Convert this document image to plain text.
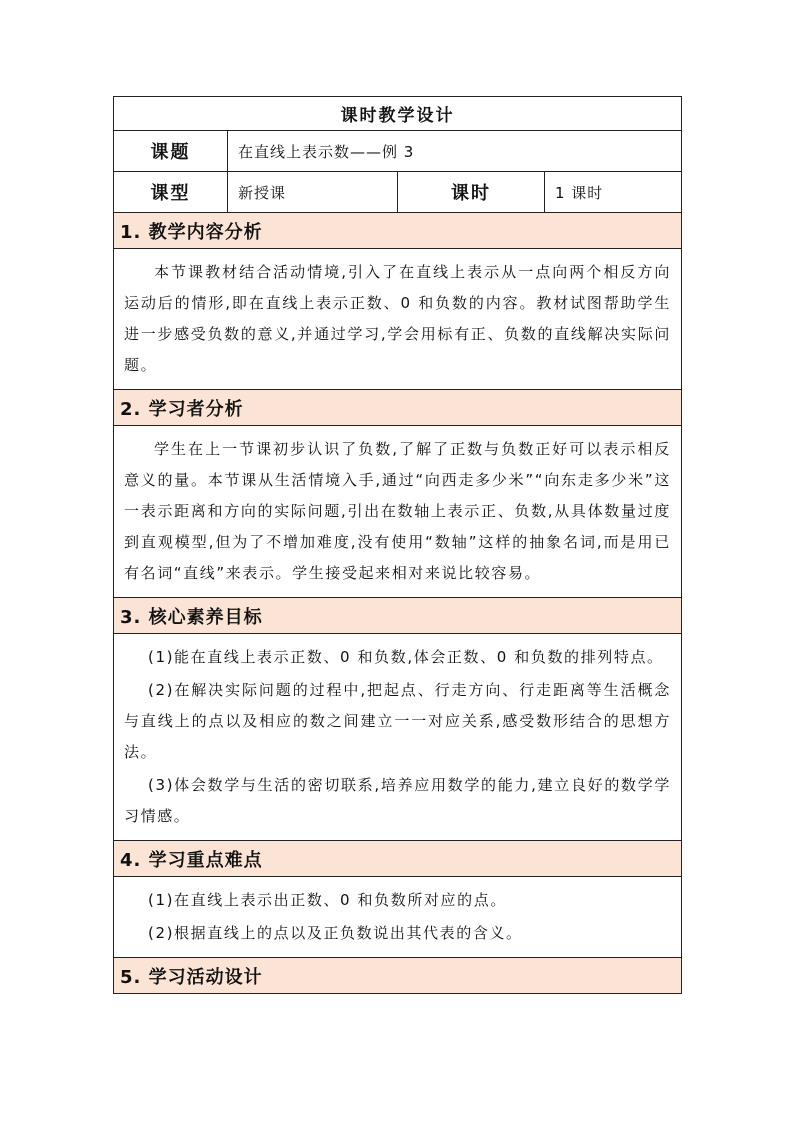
课时教学设计			
课题	在直线上表示数——例 3		
课型	新授课	课时	1 课时
1. 教学内容分析			

本节课教材结合活动情境,引入了在直线上表示从一点向两个相反方向运动后的情形,即在直线上表示正数、0 和负数的内容。教材试图帮助学生进一步感受负数的意义,并通过学习,学会用标有正、负数的直线解决实际问题。			

2. 学习者分析			

学生在上一节课初步认识了负数,了解了正数与负数正好可以表示相反意义的量。本节课从生活情境入手,通过“向西走多少米”“向东走多少米”这一表示距离和方向的实际问题,引出在数轴上表示正、负数,从具体数量过度到直观模型,但为了不增加难度,没有使用“数轴”这样的抽象名词,而是用已有名词“直线”来表示。学生接受起来相对来说比较容易。			

3. 核心素养目标			

(1)能在直线上表示正数、0 和负数,体会正数、0 和负数的排列特点。

(2)在解决实际问题的过程中,把起点、行走方向、行走距离等生活概念与直线上的点以及相应的数之间建立一一对应关系,感受数形结合的思想方法。

(3)体会数学与生活的密切联系,培养应用数学的能力,建立良好的数学学习情感。			

4. 学习重点难点			

(1)在直线上表示出正数、0 和负数所对应的点。

(2)根据直线上的点以及正负数说出其代表的含义。			

5. 学习活动设计			
